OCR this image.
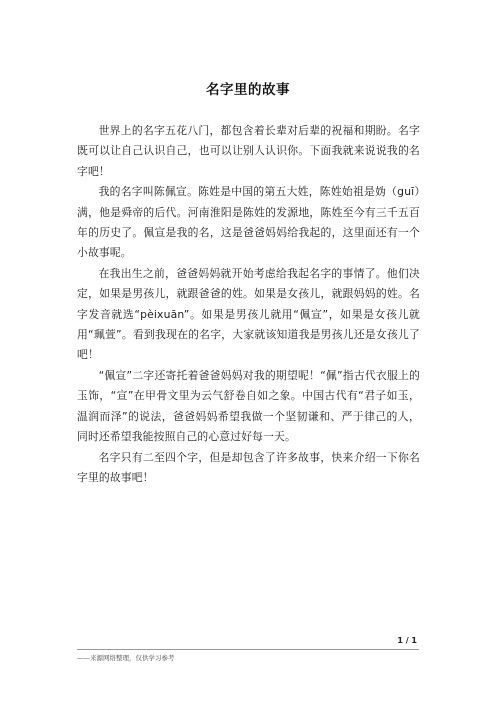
名字里的故事

世界上的名字五花八门，都包含着长辈对后辈的祝福和期盼。名字既可以让自己认识自己，也可以让别人认识你。下面我就来说说我的名字吧！

我的名字叫陈佩宣。陈姓是中国的第五大姓，陈姓始祖是妫（guī）满，他是舜帝的后代。河南淮阳是陈姓的发源地，陈姓至今有三千五百年的历史了。佩宣是我的名，这是爸爸妈妈给我起的，这里面还有一个小故事呢。

在我出生之前，爸爸妈妈就开始考虑给我起名字的事情了。他们决定，如果是男孩儿，就跟爸爸的姓。如果是女孩儿，就跟妈妈的姓。名字发音就选“pèixuān”。如果是男孩儿就用“佩宣”，如果是女孩儿就用“珮萱”。看到我现在的名字，大家就该知道我是男孩儿还是女孩儿了吧！

“佩宣”二字还寄托着爸爸妈妈对我的期望呢！“佩”指古代衣服上的玉饰，“宣”在甲骨文里为云气舒卷自如之象。中国古代有“君子如玉，温润而泽”的说法，爸爸妈妈希望我做一个坚韧谦和、严于律己的人，同时还希望我能按照自己的心意过好每一天。

名字只有二至四个字，但是却包含了许多故事，快来介绍一下你名字里的故事吧！

1 / 1
——来源网络整理，仅供学习参考
